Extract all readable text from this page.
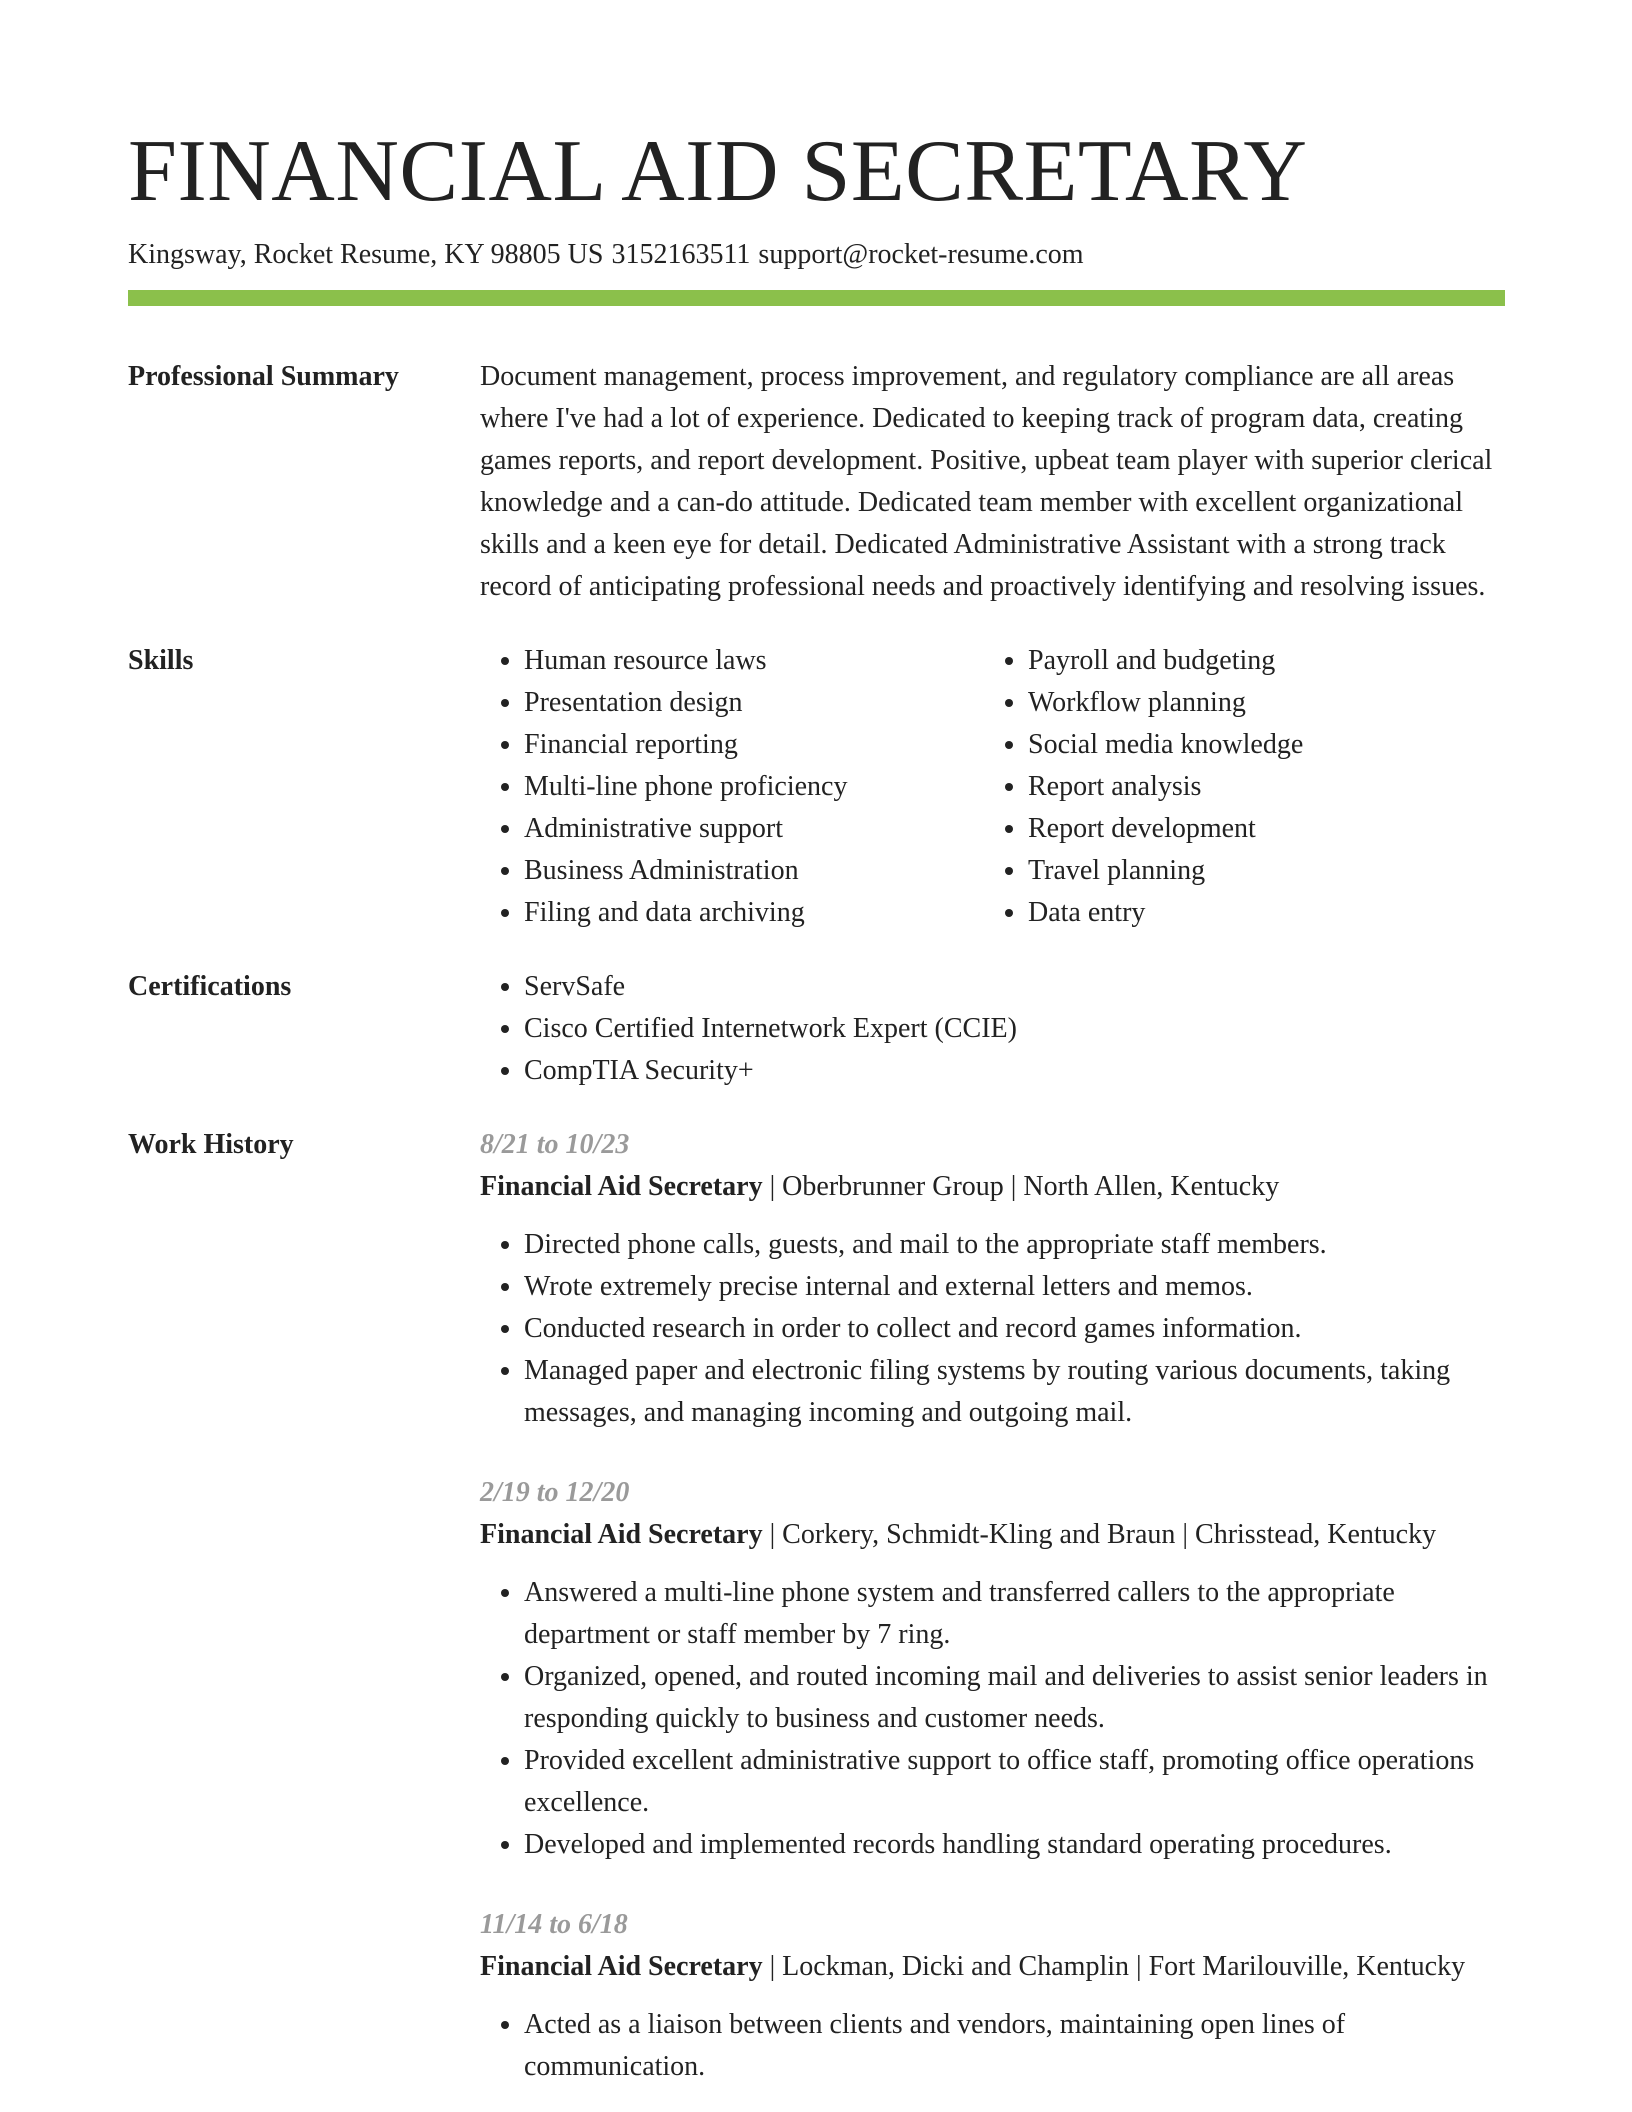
FINANCIAL AID SECRETARY
Kingsway, Rocket Resume, KY 98805 US 3152163511 support@rocket-resume.com
Professional Summary	Document management, process improvement, and regulatory compliance are all areas where I've had a lot of experience. Dedicated to keeping track of program data, creating games reports, and report development. Positive, upbeat team player with superior clerical knowledge and a can-do attitude. Dedicated team member with excellent organizational skills and a keen eye for detail. Dedicated Administrative Assistant with a strong track record of anticipating professional needs and proactively identifying and resolving issues.
Skills	• Human resource laws
• Presentation design
• Financial reporting
• Multi-line phone proficiency
• Administrative support
• Business Administration
• Filing and data archiving
• Payroll and budgeting
• Workflow planning
• Social media knowledge
• Report analysis
• Report development
• Travel planning
• Data entry
Certifications	• ServSafe
• Cisco Certified Internetwork Expert (CCIE)
• CompTIA Security+
Work History	8/21 to 10/23
Financial Aid Secretary | Oberbrunner Group | North Allen, Kentucky
• Directed phone calls, guests, and mail to the appropriate staff members.
• Wrote extremely precise internal and external letters and memos.
• Conducted research in order to collect and record games information.
• Managed paper and electronic filing systems by routing various documents, taking messages, and managing incoming and outgoing mail.
2/19 to 12/20
Financial Aid Secretary | Corkery, Schmidt-Kling and Braun | Chrisstead, Kentucky
• Answered a multi-line phone system and transferred callers to the appropriate department or staff member by 7 ring.
• Organized, opened, and routed incoming mail and deliveries to assist senior leaders in responding quickly to business and customer needs.
• Provided excellent administrative support to office staff, promoting office operations excellence.
• Developed and implemented records handling standard operating procedures.
11/14 to 6/18
Financial Aid Secretary | Lockman, Dicki and Champlin | Fort Marilouville, Kentucky
• Acted as a liaison between clients and vendors, maintaining open lines of communication.
